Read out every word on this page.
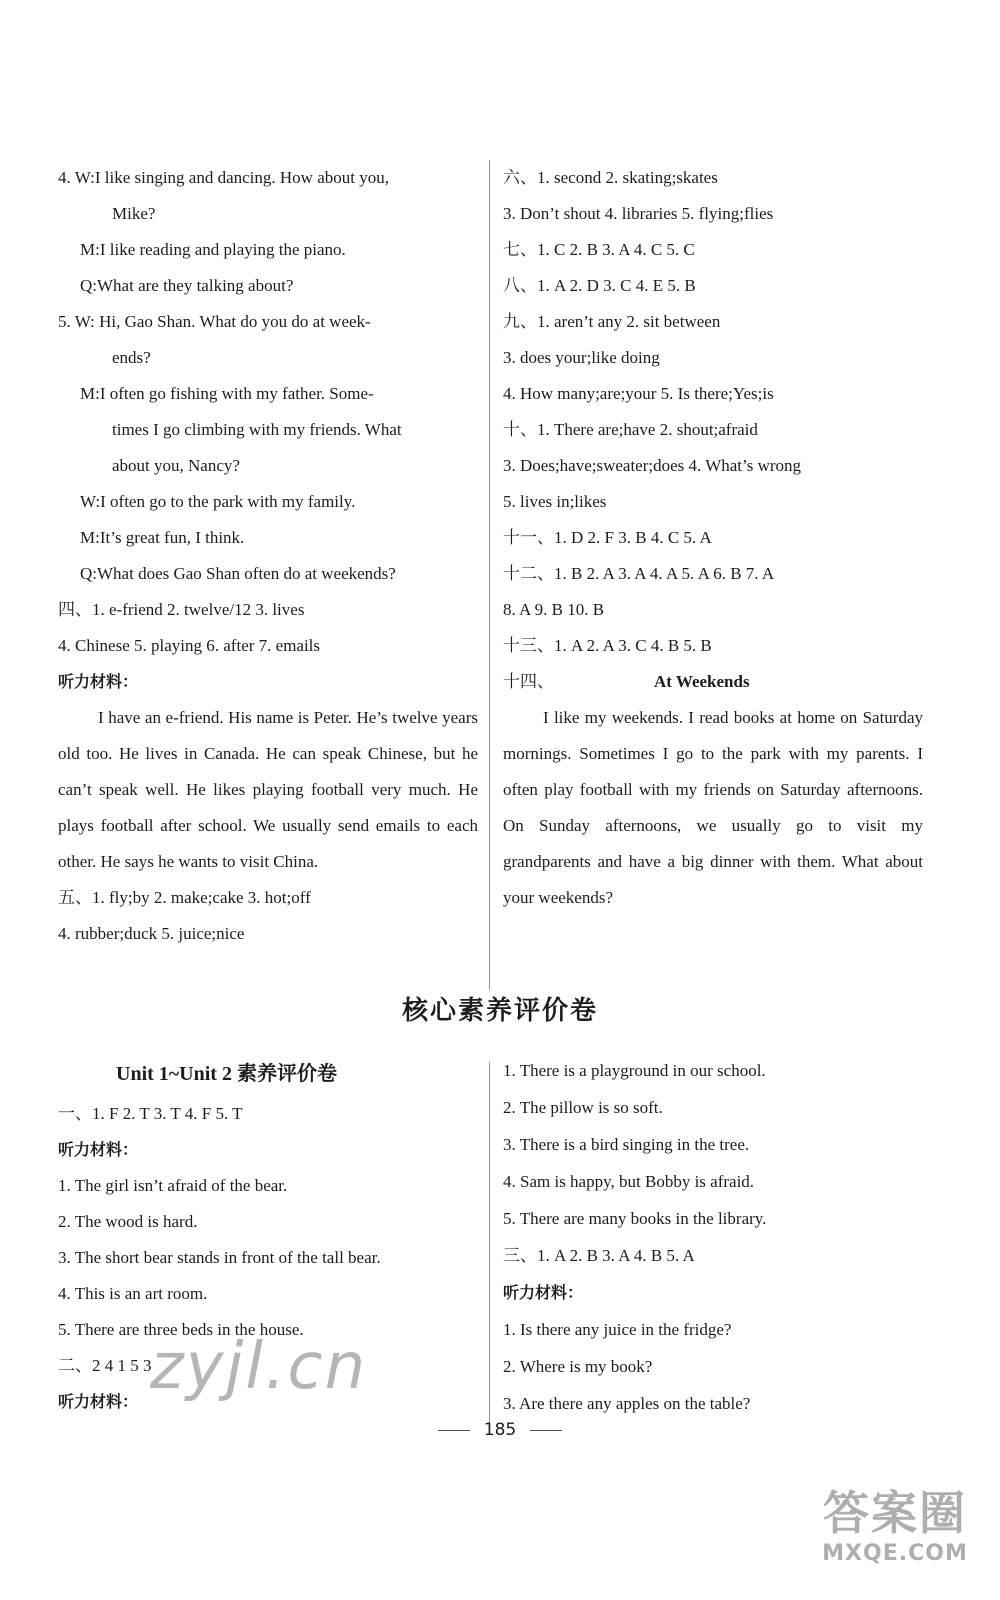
4. W:I like singing and dancing. How about you,
Mike?
M:I like reading and playing the piano.
Q:What are they talking about?
5. W: Hi, Gao Shan. What do you do at week-
ends?
M:I often go fishing with my father. Some-
times I go climbing with my friends. What
about you, Nancy?
W:I often go to the park with my family.
M:It’s great fun, I think.
Q:What does Gao Shan often do at weekends?
四、1. e-friend 2. twelve/12 3. lives
4. Chinese 5. playing 6. after 7. emails
听力材料：
I have an e-friend. His name is Peter. He’s twelve years old too. He lives in Canada. He can speak Chinese, but he can’t speak well. He likes playing football very much. He plays football after school. We usually send emails to each other. He says he wants to visit China.
五、1. fly;by 2. make;cake 3. hot;off
4. rubber;duck 5. juice;nice
六、1. second 2. skating;skates
3. Don’t shout 4. libraries 5. flying;flies
七、1. C 2. B 3. A 4. C 5. C
八、1. A 2. D 3. C 4. E 5. B
九、1. aren’t any 2. sit between
3. does your;like doing
4. How many;are;your 5. Is there;Yes;is
十、1. There are;have 2. shout;afraid
3. Does;have;sweater;does 4. What’s wrong
5. lives in;likes
十一、1. D 2. F 3. B 4. C 5. A
十二、1. B 2. A 3. A 4. A 5. A 6. B 7. A
8. A 9. B 10. B
十三、1. A 2. A 3. C 4. B 5. B
十四、	At Weekends
I like my weekends. I read books at home on Saturday mornings. Sometimes I go to the park with my parents. I often play football with my friends on Saturday afternoons. On Sunday afternoons, we usually go to visit my grandparents and have a big dinner with them. What about your weekends?
核心素养评价卷
Unit 1~Unit 2 素养评价卷
一、1. F 2. T 3. T 4. F 5. T
听力材料：
1. The girl isn’t afraid of the bear.
2. The wood is hard.
3. The short bear stands in front of the tall bear.
4. This is an art room.
5. There are three beds in the house.
二、2 4 1 5 3
听力材料：
1. There is a playground in our school.
2. The pillow is so soft.
3. There is a bird singing in the tree.
4. Sam is happy, but Bobby is afraid.
5. There are many books in the library.
三、1. A 2. B 3. A 4. B 5. A
听力材料：
1. Is there any juice in the fridge?
2. Where is my book?
3. Are there any apples on the table?
zyjl.cn
185
答案圈
MXQE.COM
